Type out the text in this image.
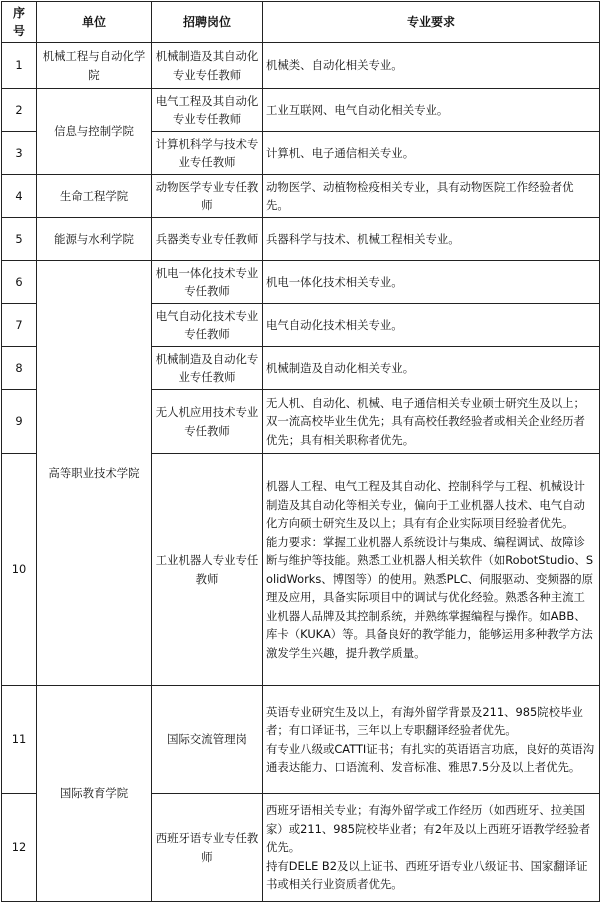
序号	单位	招聘岗位	专业要求
1	机械工程与自动化学院	机械制造及其自动化专业专任教师	机械类、自动化相关专业。

2	信息与控制学院	电气工程及其自动化专业专任教师	工业互联网、电气自动化相关专业。

3		计算机科学与技术专业专任教师	计算机、电子通信相关专业。

4	生命工程学院	动物医学专业专任教师	动物医学、动植物检疫相关专业，具有动物医院工作经验者优先。

5	能源与水利学院	兵器类专业专任教师	兵器科学与技术、机械工程相关专业。

6	高等职业技术学院	机电一体化技术专业专任教师	机电一体化技术相关专业。

7		电气自动化技术专业专任教师	电气自动化技术相关专业。

8		机械制造及自动化专业专任教师	机械制造及自动化相关专业。

9		无人机应用技术专业专任教师	无人机、自动化、机械、电子通信相关专业硕士研究生及以上；双一流高校毕业生优先；具有高校任教经验者或相关企业经历者优先；具有相关职称者优先。

10		工业机器人专业专任教师	机器人工程、电气工程及其自动化、控制科学与工程、机械设计制造及其自动化等相关专业，偏向于工业机器人技术、电气自动化方向硕士研究生及以上；具有有企业实际项目经验者优先。
能力要求：掌握工业机器人系统设计与集成、编程调试、故障诊断与维护等技能。熟悉工业机器人相关软件（如RobotStudio、SolidWorks、博图等）的使用。熟悉PLC、伺服驱动、变频器的原理及应用，具备实际项目中的调试与优化经验。熟悉各种主流工业机器人品牌及其控制系统，并熟练掌握编程与操作。如ABB、库卡（KUKA）等。具备良好的教学能力，能够运用多种教学方法激发学生兴趣，提升教学质量。

11	国际教育学院	国际交流管理岗	英语专业研究生及以上，有海外留学背景及211、985院校毕业者；有口译证书，三年以上专职翻译经验者优先。
有专业八级或CATTI证书；有扎实的英语语言功底，良好的英语沟通表达能力、口语流利、发音标准、雅思7.5分及以上者优先。

12		西班牙语专业专任教师	西班牙语相关专业；有海外留学或工作经历（如西班牙、拉美国家）或211、985院校毕业者；有2年及以上西班牙语教学经验者优先。
持有DELE B2及以上证书、西班牙语专业八级证书、国家翻译证书或相关行业资质者优先。
